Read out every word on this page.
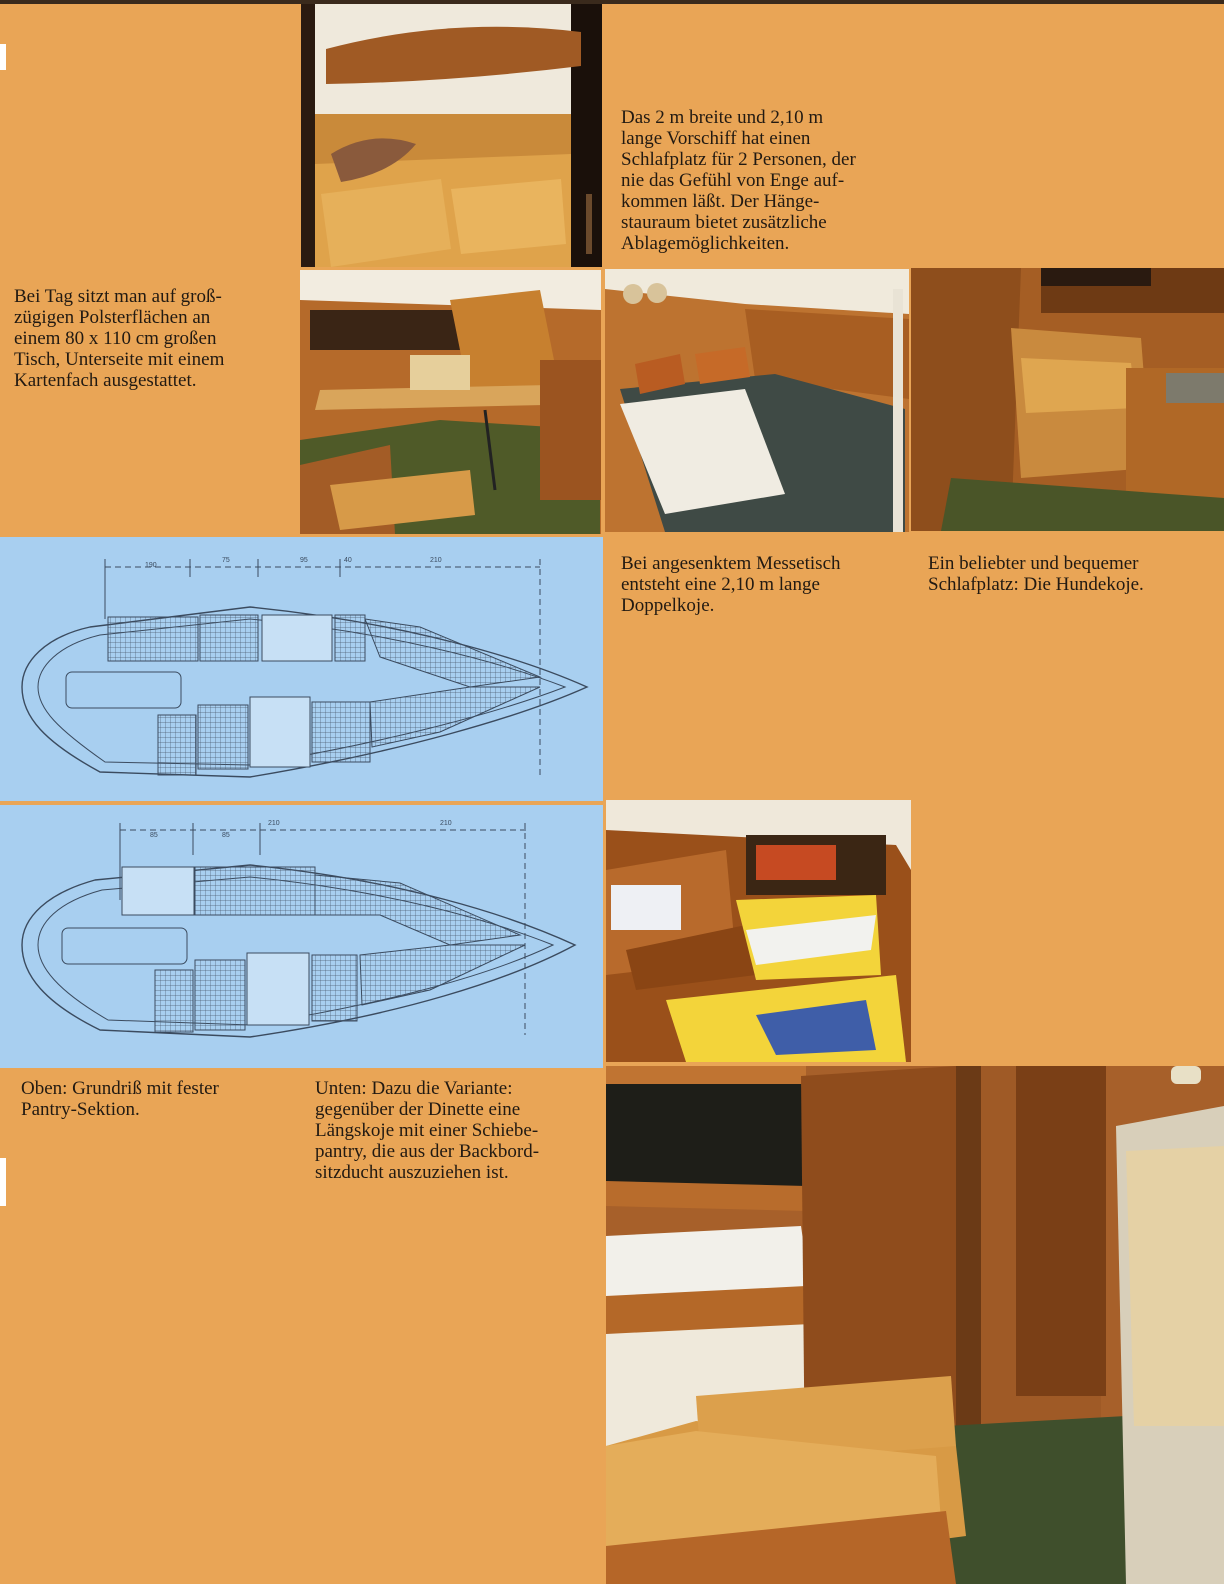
190
75	95	40	210
85	85
210	210
Bei Tag sitzt man auf groß-
zügigen Polsterflächen an
einem 80 x 110 cm großen
Tisch, Unterseite mit einem
Kartenfach ausgestattet.
Das 2 m breite und 2,10 m
lange Vorschiff hat einen
Schlafplatz für 2 Personen, der
nie das Gefühl von Enge auf-
kommen läßt. Der Hänge-
stauraum bietet zusätzliche
Ablagemöglichkeiten.
Bei angesenktem Messetisch
entsteht eine 2,10 m lange
Doppelkoje.
Ein beliebter und bequemer
Schlafplatz: Die Hundekoje.
Oben: Grundriß mit fester
Pantry-Sektion.
Unten: Dazu die Variante:
gegenüber der Dinette eine
Längskoje mit einer Schiebe-
pantry, die aus der Backbord-
sitzducht auszuziehen ist.
